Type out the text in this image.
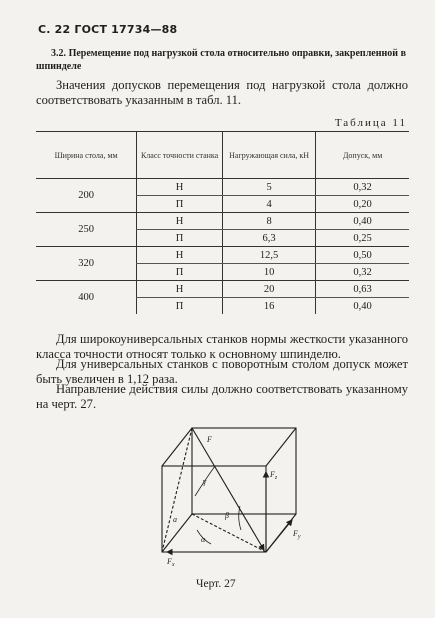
С. 22 ГОСТ 17734—88
3.2. Перемещение под нагрузкой стола относительно оправки, закрепленной в шпинделе
Значения допусков перемещения под нагрузкой стола должно соответствовать указанным в табл. 11.
Таблица 11
Ширина стола, мм	Класс точности станка	Нагружающая сила, кН	Допуск, мм
200	Н	5	0,32
	П	4	0,20
250	Н	8	0,40
	П	6,3	0,25
320	Н	12,5	0,50
	П	10	0,32
400	Н	20	0,63
	П	16	0,40
Для широкоуниверсальных станков нормы жесткости указанного класса точности относят только к основному шпинделю.
Для универсальных станков с поворотным столом допуск может быть увеличен в 1,12 раза.
Направление действия силы должно соответствовать указанному на черт. 27.
F
$F_z$
$F_y$
$F_x$
γ
β
α
a
Черт. 27
